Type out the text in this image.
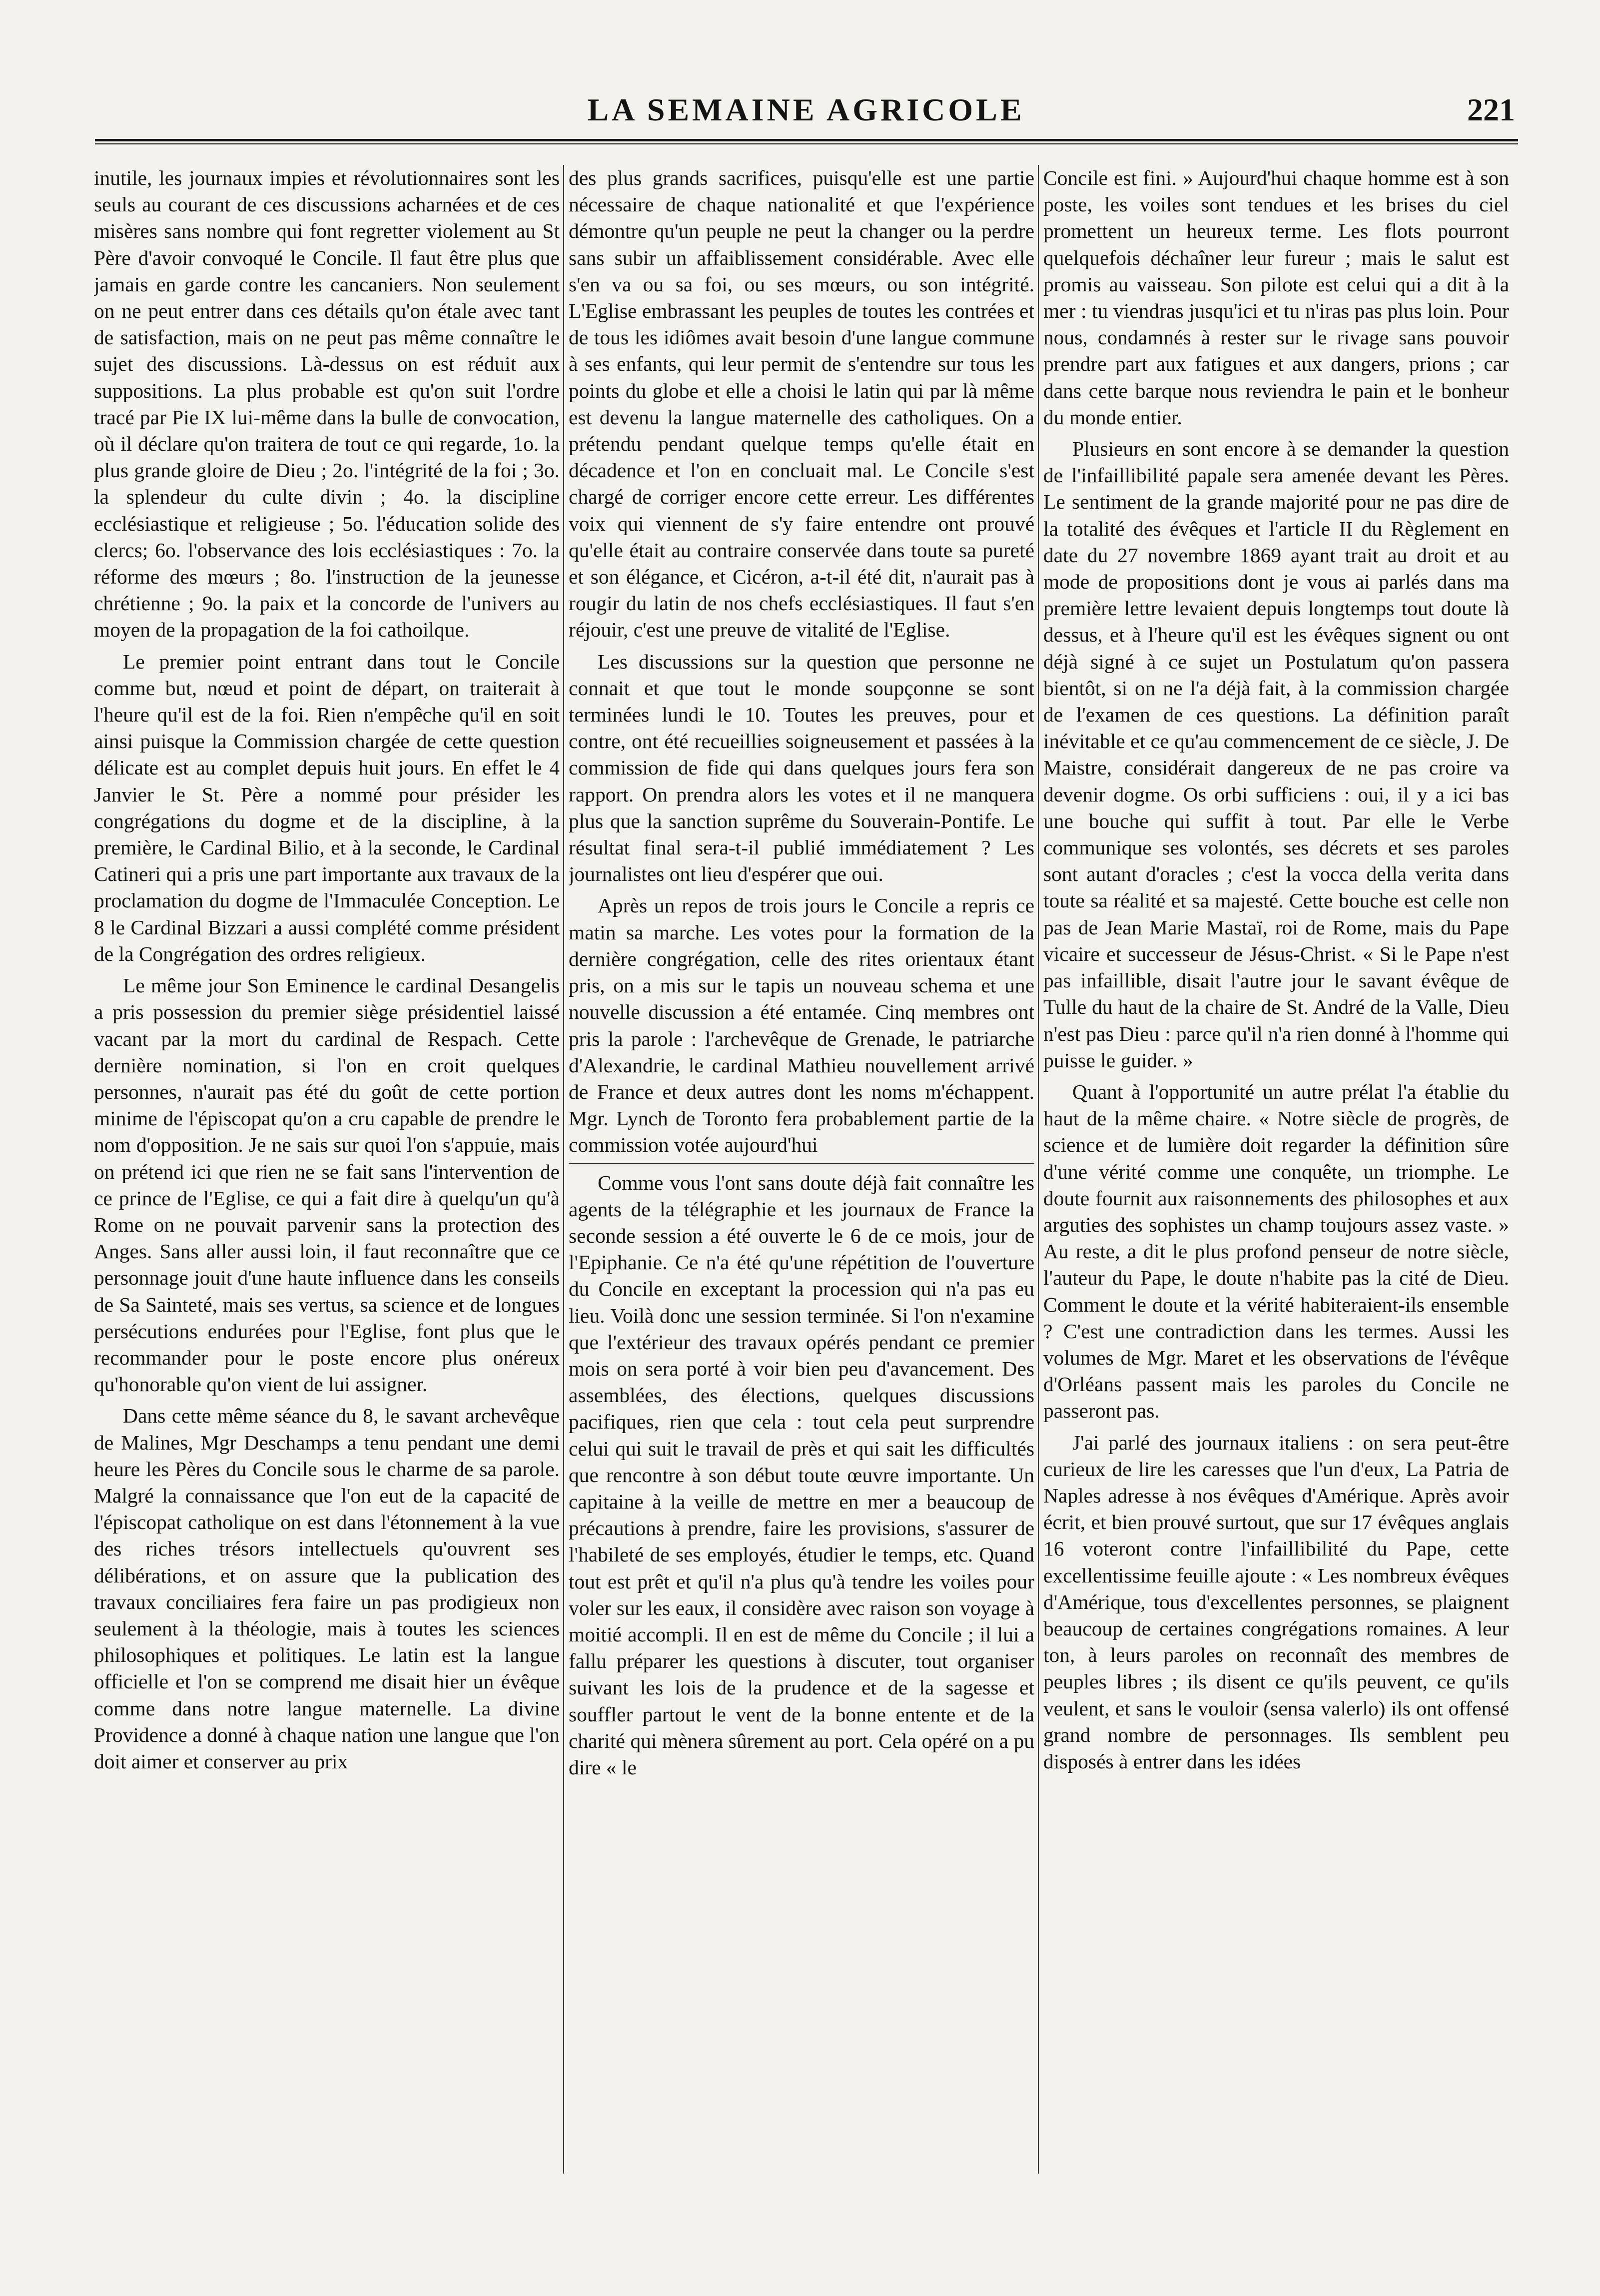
LA SEMAINE AGRICOLE	221

inutile, les journaux impies et révolutionnaires sont les seuls au courant de ces discussions acharnées et de ces misères sans nombre qui font regretter violement au St Père d'avoir convoqué le Concile. Il faut être plus que jamais en garde contre les cancaniers. Non seulement on ne peut entrer dans ces détails qu'on étale avec tant de satisfaction, mais on ne peut pas même connaître le sujet des discussions. Là-dessus on est réduit aux suppositions. La plus probable est qu'on suit l'ordre tracé par Pie IX lui-même dans la bulle de convocation, où il déclare qu'on traitera de tout ce qui regarde, 1o. la plus grande gloire de Dieu ; 2o. l'intégrité de la foi ; 3o. la splendeur du culte divin ; 4o. la discipline ecclésiastique et religieuse ; 5o. l'éducation solide des clercs; 6o. l'observance des lois ecclésiastiques : 7o. la réforme des mœurs ; 8o. l'instruction de la jeunesse chrétienne ; 9o. la paix et la concorde de l'univers au moyen de la propagation de la foi cathoilque.

Le premier point entrant dans tout le Concile comme but, nœud et point de départ, on traiterait à l'heure qu'il est de la foi. Rien n'empêche qu'il en soit ainsi puisque la Commission chargée de cette question délicate est au complet depuis huit jours. En effet le 4 Janvier le St. Père a nommé pour présider les congrégations du dogme et de la discipline, à la première, le Cardinal Bilio, et à la seconde, le Cardinal Catineri qui a pris une part importante aux travaux de la proclamation du dogme de l'Immaculée Conception. Le 8 le Cardinal Bizzari a aussi complété comme président de la Congrégation des ordres religieux.

Le même jour Son Eminence le cardinal Desangelis a pris possession du premier siège présidentiel laissé vacant par la mort du cardinal de Respach. Cette dernière nomination, si l'on en croit quelques personnes, n'aurait pas été du goût de cette portion minime de l'épiscopat qu'on a cru capable de prendre le nom d'opposition. Je ne sais sur quoi l'on s'appuie, mais on prétend ici que rien ne se fait sans l'intervention de ce prince de l'Eglise, ce qui a fait dire à quelqu'un qu'à Rome on ne pouvait parvenir sans la protection des Anges. Sans aller aussi loin, il faut reconnaître que ce personnage jouit d'une haute influence dans les conseils de Sa Sainteté, mais ses vertus, sa science et de longues persécutions endurées pour l'Eglise, font plus que le recommander pour le poste encore plus onéreux qu'honorable qu'on vient de lui assigner.

Dans cette même séance du 8, le savant archevêque de Malines, Mgr Deschamps a tenu pendant une demi heure les Pères du Concile sous le charme de sa parole. Malgré la connaissance que l'on eut de la capacité de l'épiscopat catholique on est dans l'étonnement à la vue des riches trésors intellectuels qu'ouvrent ses délibérations, et on assure que la publication des travaux conciliaires fera faire un pas prodigieux non seulement à la théologie, mais à toutes les sciences philosophiques et politiques. Le latin est la langue officielle et l'on se comprend me disait hier un évêque comme dans notre langue maternelle. La divine Providence a donné à chaque nation une langue que l'on doit aimer et conserver au prix

des plus grands sacrifices, puisqu'elle est une partie nécessaire de chaque nationalité et que l'expérience démontre qu'un peuple ne peut la changer ou la perdre sans subir un affaiblissement considérable. Avec elle s'en va ou sa foi, ou ses mœurs, ou son intégrité. L'Eglise embrassant les peuples de toutes les contrées et de tous les idiômes avait besoin d'une langue commune à ses enfants, qui leur permit de s'entendre sur tous les points du globe et elle a choisi le latin qui par là même est devenu la langue maternelle des catholiques. On a prétendu pendant quelque temps qu'elle était en décadence et l'on en concluait mal. Le Concile s'est chargé de corriger encore cette erreur. Les différentes voix qui viennent de s'y faire entendre ont prouvé qu'elle était au contraire conservée dans toute sa pureté et son élégance, et Cicéron, a-t-il été dit, n'aurait pas à rougir du latin de nos chefs ecclésiastiques. Il faut s'en réjouir, c'est une preuve de vitalité de l'Eglise.

Les discussions sur la question que personne ne connait et que tout le monde soupçonne se sont terminées lundi le 10. Toutes les preuves, pour et contre, ont été recueillies soigneusement et passées à la commission de fide qui dans quelques jours fera son rapport. On prendra alors les votes et il ne manquera plus que la sanction suprême du Souverain-Pontife. Le résultat final sera-t-il publié immédiatement ? Les journalistes ont lieu d'espérer que oui.

Après un repos de trois jours le Concile a repris ce matin sa marche. Les votes pour la formation de la dernière congrégation, celle des rites orientaux étant pris, on a mis sur le tapis un nouveau schema et une nouvelle discussion a été entamée. Cinq membres ont pris la parole : l'archevêque de Grenade, le patriarche d'Alexandrie, le cardinal Mathieu nouvellement arrivé de France et deux autres dont les noms m'échappent. Mgr. Lynch de Toronto fera probablement partie de la commission votée aujourd'hui

Comme vous l'ont sans doute déjà fait connaître les agents de la télégraphie et les journaux de France la seconde session a été ouverte le 6 de ce mois, jour de l'Epiphanie. Ce n'a été qu'une répétition de l'ouverture du Concile en exceptant la procession qui n'a pas eu lieu. Voilà donc une session terminée. Si l'on n'examine que l'extérieur des travaux opérés pendant ce premier mois on sera porté à voir bien peu d'avancement. Des assemblées, des élections, quelques discussions pacifiques, rien que cela : tout cela peut surprendre celui qui suit le travail de près et qui sait les difficultés que rencontre à son début toute œuvre importante. Un capitaine à la veille de mettre en mer a beaucoup de précautions à prendre, faire les provisions, s'assurer de l'habileté de ses employés, étudier le temps, etc. Quand tout est prêt et qu'il n'a plus qu'à tendre les voiles pour voler sur les eaux, il considère avec raison son voyage à moitié accompli. Il en est de même du Concile ; il lui a fallu préparer les questions à discuter, tout organiser suivant les lois de la prudence et de la sagesse et souffler partout le vent de la bonne entente et de la charité qui mènera sûrement au port. Cela opéré on a pu dire « le

Concile est fini. » Aujourd'hui chaque homme est à son poste, les voiles sont tendues et les brises du ciel promettent un heureux terme. Les flots pourront quelquefois déchaîner leur fureur ; mais le salut est promis au vaisseau. Son pilote est celui qui a dit à la mer : tu viendras jusqu'ici et tu n'iras pas plus loin. Pour nous, condamnés à rester sur le rivage sans pouvoir prendre part aux fatigues et aux dangers, prions ; car dans cette barque nous reviendra le pain et le bonheur du monde entier.

Plusieurs en sont encore à se demander la question de l'infaillibilité papale sera amenée devant les Pères. Le sentiment de la grande majorité pour ne pas dire de la totalité des évêques et l'article II du Règlement en date du 27 novembre 1869 ayant trait au droit et au mode de propositions dont je vous ai parlés dans ma première lettre levaient depuis longtemps tout doute là dessus, et à l'heure qu'il est les évêques signent ou ont déjà signé à ce sujet un Postulatum qu'on passera bientôt, si on ne l'a déjà fait, à la commission chargée de l'examen de ces questions. La définition paraît inévitable et ce qu'au commencement de ce siècle, J. De Maistre, considérait dangereux de ne pas croire va devenir dogme. Os orbi sufficiens : oui, il y a ici bas une bouche qui suffit à tout. Par elle le Verbe communique ses volontés, ses décrets et ses paroles sont autant d'oracles ; c'est la vocca della verita dans toute sa réalité et sa majesté. Cette bouche est celle non pas de Jean Marie Mastaï, roi de Rome, mais du Pape vicaire et successeur de Jésus-Christ. « Si le Pape n'est pas infaillible, disait l'autre jour le savant évêque de Tulle du haut de la chaire de St. André de la Valle, Dieu n'est pas Dieu : parce qu'il n'a rien donné à l'homme qui puisse le guider. »

Quant à l'opportunité un autre prélat l'a établie du haut de la même chaire. « Notre siècle de progrès, de science et de lumière doit regarder la définition sûre d'une vérité comme une conquête, un triomphe. Le doute fournit aux raisonnements des philosophes et aux arguties des sophistes un champ toujours assez vaste. » Au reste, a dit le plus profond penseur de notre siècle, l'auteur du Pape, le doute n'habite pas la cité de Dieu. Comment le doute et la vérité habiteraient-ils ensemble ? C'est une contradiction dans les termes. Aussi les volumes de Mgr. Maret et les observations de l'évêque d'Orléans passent mais les paroles du Concile ne passeront pas.

J'ai parlé des journaux italiens : on sera peut-être curieux de lire les caresses que l'un d'eux, La Patria de Naples adresse à nos évêques d'Amérique. Après avoir écrit, et bien prouvé surtout, que sur 17 évêques anglais 16 voteront contre l'infaillibilité du Pape, cette excellentissime feuille ajoute : « Les nombreux évêques d'Amérique, tous d'excellentes personnes, se plaignent beaucoup de certaines congrégations romaines. A leur ton, à leurs paroles on reconnaît des membres de peuples libres ; ils disent ce qu'ils peuvent, ce qu'ils veulent, et sans le vouloir (sensa valerlo) ils ont offensé grand nombre de personnages. Ils semblent peu disposés à entrer dans les idées
